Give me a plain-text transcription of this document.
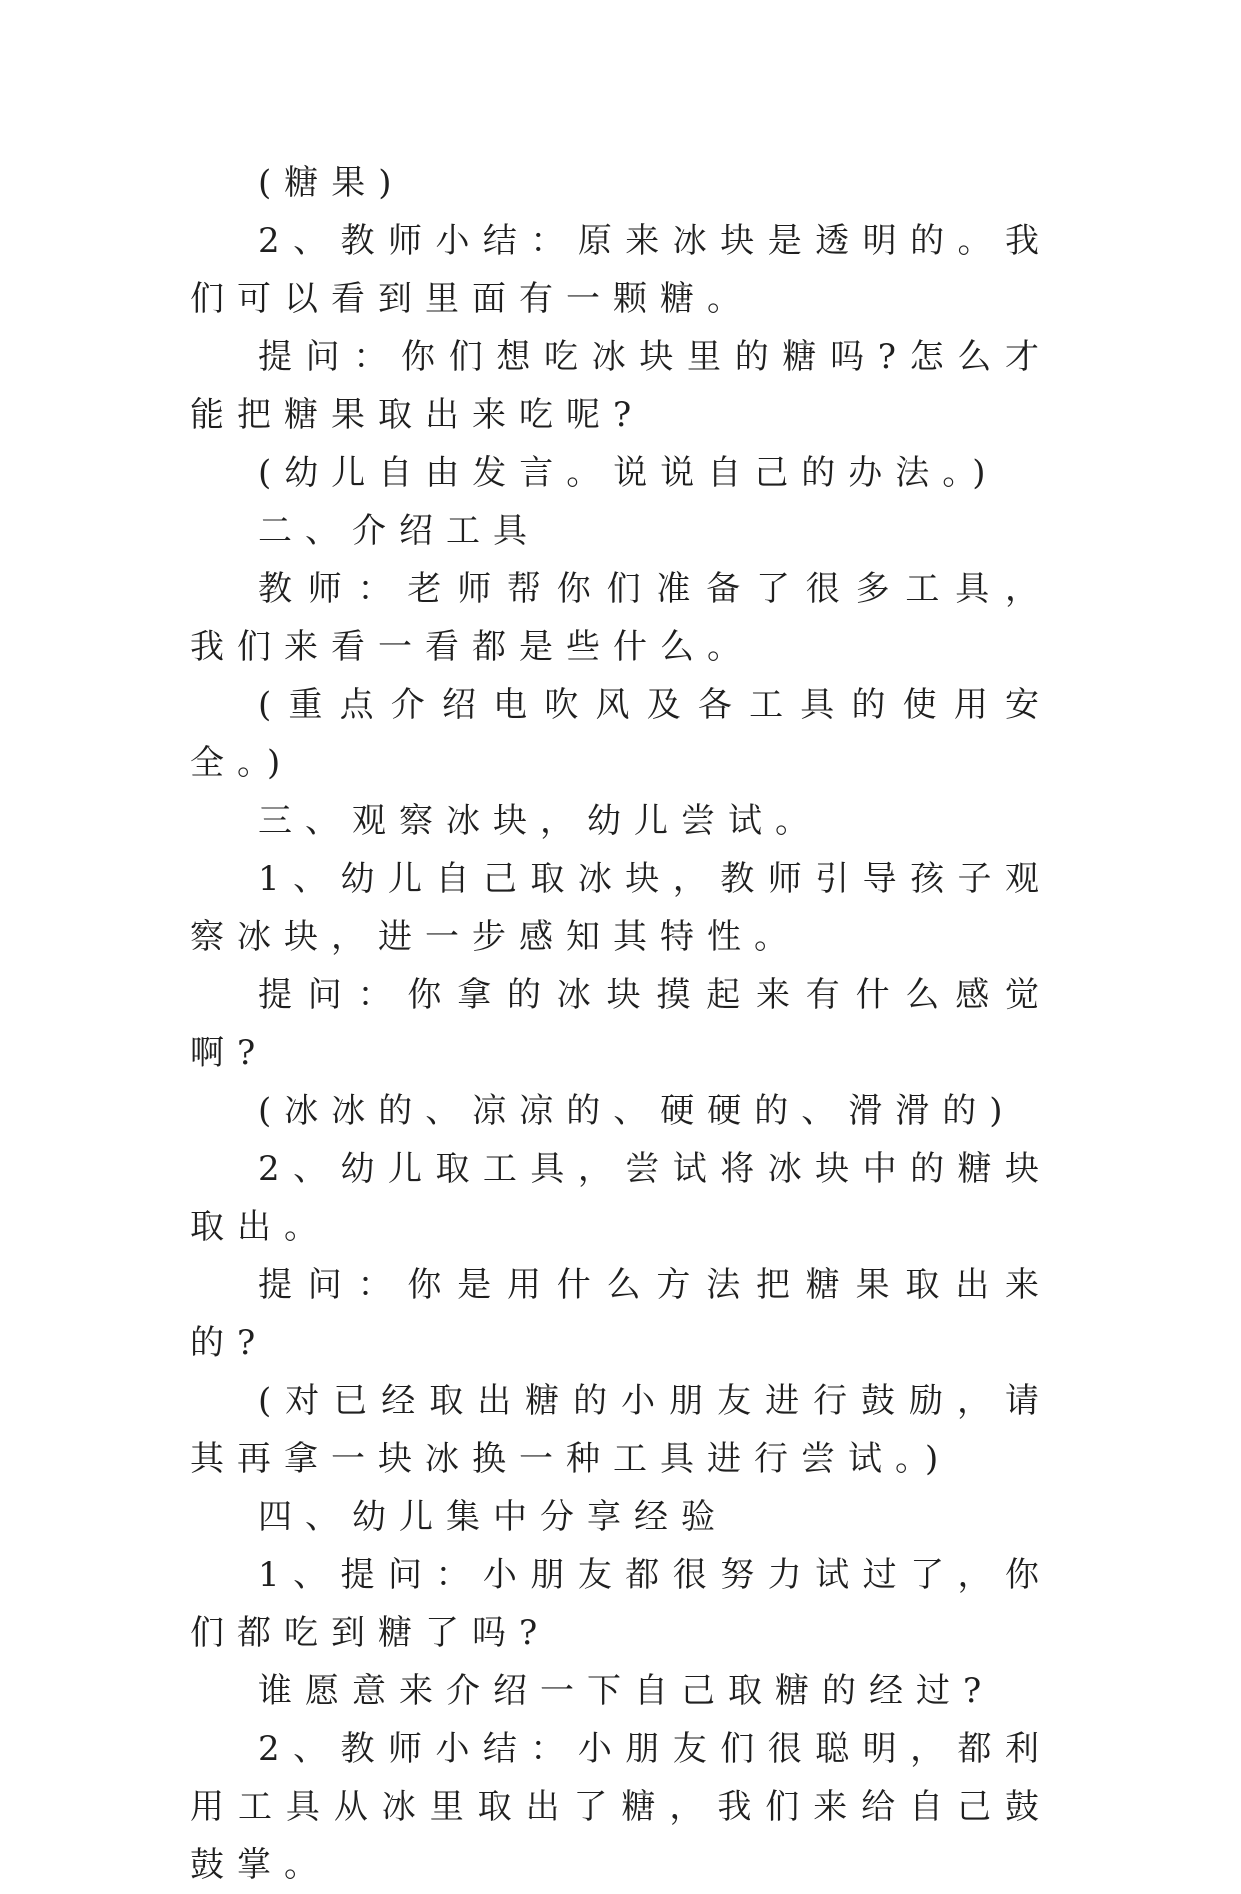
(糖果)

2、教师小结：原来冰块是透明的。我们可以看到里面有一颗糖。

提问：你们想吃冰块里的糖吗?怎么才能把糖果取出来吃呢?

(幼儿自由发言。说说自己的办法。)

二、介绍工具

教师：老师帮你们准备了很多工具，我们来看一看都是些什么。

(重点介绍电吹风及各工具的使用安全。)

三、观察冰块，幼儿尝试。

1、幼儿自己取冰块，教师引导孩子观察冰块，进一步感知其特性。

提问：你拿的冰块摸起来有什么感觉啊?

(冰冰的、凉凉的、硬硬的、滑滑的)

2、幼儿取工具，尝试将冰块中的糖块取出。

提问：你是用什么方法把糖果取出来的?

(对已经取出糖的小朋友进行鼓励，请其再拿一块冰换一种工具进行尝试。)

四、幼儿集中分享经验

1、提问：小朋友都很努力试过了，你们都吃到糖了吗?

谁愿意来介绍一下自己取糖的经过?

2、教师小结：小朋友们很聪明，都利用工具从冰里取出了糖，我们来给自己鼓鼓掌。
